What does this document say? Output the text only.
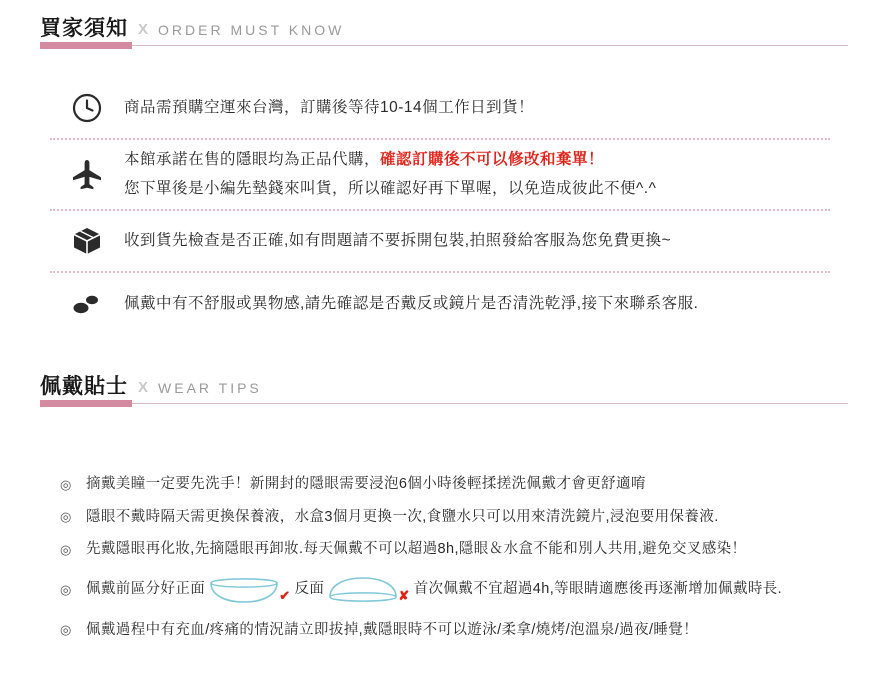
買家須知 X ORDER MUST KNOW
商品需預購空運來台灣，訂購後等待10-14個工作日到貨！
本館承諾在售的隱眼均為正品代購，確認訂購後不可以修改和棄單！
您下單後是小編先墊錢來叫貨，所以確認好再下單喔，以免造成彼此不便^.^
收到貨先檢查是否正確,如有問題請不要拆開包裝,拍照發給客服為您免費更換~
佩戴中有不舒服或異物感,請先確認是否戴反或鏡片是否清洗乾淨,接下來聯系客服.
佩戴貼士 X WEAR TIPS
◎ 摘戴美瞳一定要先洗手！新開封的隱眼需要浸泡6個小時後輕揉搓洗佩戴才會更舒適唷
◎ 隱眼不戴時隔天需更換保養液，水盒3個月更換一次,食鹽水只可以用來清洗鏡片,浸泡要用保養液.
◎ 先戴隱眼再化妝,先摘隱眼再卸妝.每天佩戴不可以超過8h,隱眼＆水盒不能和別人共用,避免交叉感染！
◎ 佩戴前區分好正面	✔ 反面	✘ 首次佩戴不宜超過4h,等眼睛適應後再逐漸增加佩戴時長.
◎ 佩戴過程中有充血/疼痛的情況請立即拔掉,戴隱眼時不可以遊泳/柔拿/燒烤/泡溫泉/過夜/睡覺！
